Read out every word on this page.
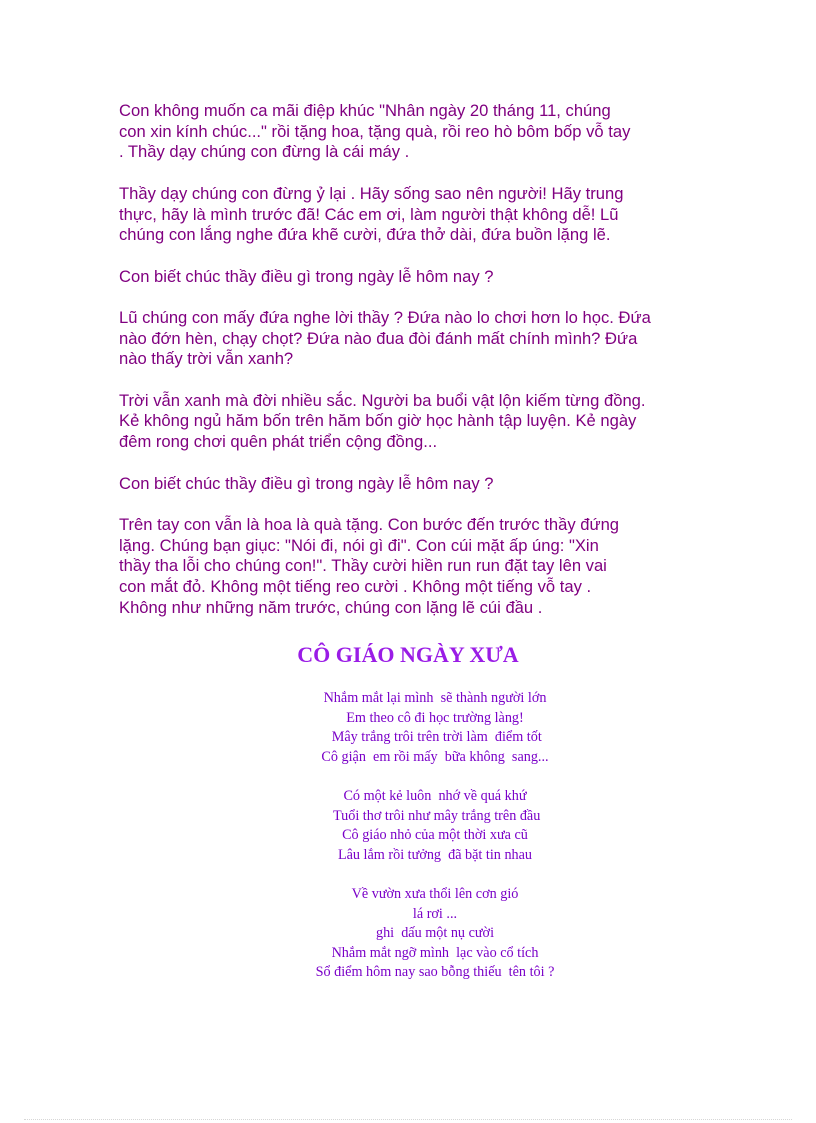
Con không muốn ca mãi điệp khúc "Nhân ngày 20 tháng 11, chúng
con xin kính chúc..." rồi tặng hoa, tặng quà, rồi reo hò bôm bốp vỗ tay
. Thầy dạy chúng con đừng là cái máy .

Thầy dạy chúng con đừng ỷ lại . Hãy sống sao nên người! Hãy trung
thực, hãy là mình trước đã! Các em ơi, làm người thật không dễ! Lũ
chúng con lắng nghe đứa khẽ cười, đứa thở dài, đứa buồn lặng lẽ.

Con biết chúc thầy điều gì trong ngày lễ hôm nay ?

Lũ chúng con mấy đứa nghe lời thầy ? Đứa nào lo chơi hơn lo học. Đứa
nào đớn hèn, chạy chọt? Đứa nào đua đòi đánh mất chính mình? Đứa
nào thấy trời vẫn xanh?

Trời vẫn xanh mà đời nhiều sắc. Người ba buổi vật lộn kiếm từng đồng.
Kẻ không ngủ hăm bốn trên hăm bốn giờ học hành tập luyện. Kẻ ngày
đêm rong chơi quên phát triển cộng đồng...

Con biết chúc thầy điều gì trong ngày lễ hôm nay ?

Trên tay con vẫn là hoa là quà tặng. Con bước đến trước thầy đứng
lặng. Chúng bạn giục: "Nói đi, nói gì đi". Con cúi mặt ấp úng: "Xin
thầy tha lỗi cho chúng con!". Thầy cười hiền run run đặt tay lên vai
con mắt đỏ. Không một tiếng reo cười . Không một tiếng vỗ tay .
Không như những năm trước, chúng con lặng lẽ cúi đầu .

CÔ GIÁO NGÀY XƯA
Nhắm mắt lại mình  sẽ thành người lớn
Em theo cô đi học trường làng!
Mây trắng trôi trên trời làm  điểm tốt
Cô giận  em rồi mấy  bữa không  sang...
Có một kẻ luôn  nhớ về quá khứ
Tuổi thơ trôi như mây trắng trên đầu
Cô giáo nhỏ của một thời xưa cũ
Lâu lắm rồi tưởng  đã bặt tin nhau
Về vườn xưa thổi lên cơn gió
lá rơi ...
ghi  dấu một nụ cười
Nhắm mắt ngỡ mình  lạc vào cổ tích
Sổ điểm hôm nay sao bỗng thiếu  tên tôi ?
